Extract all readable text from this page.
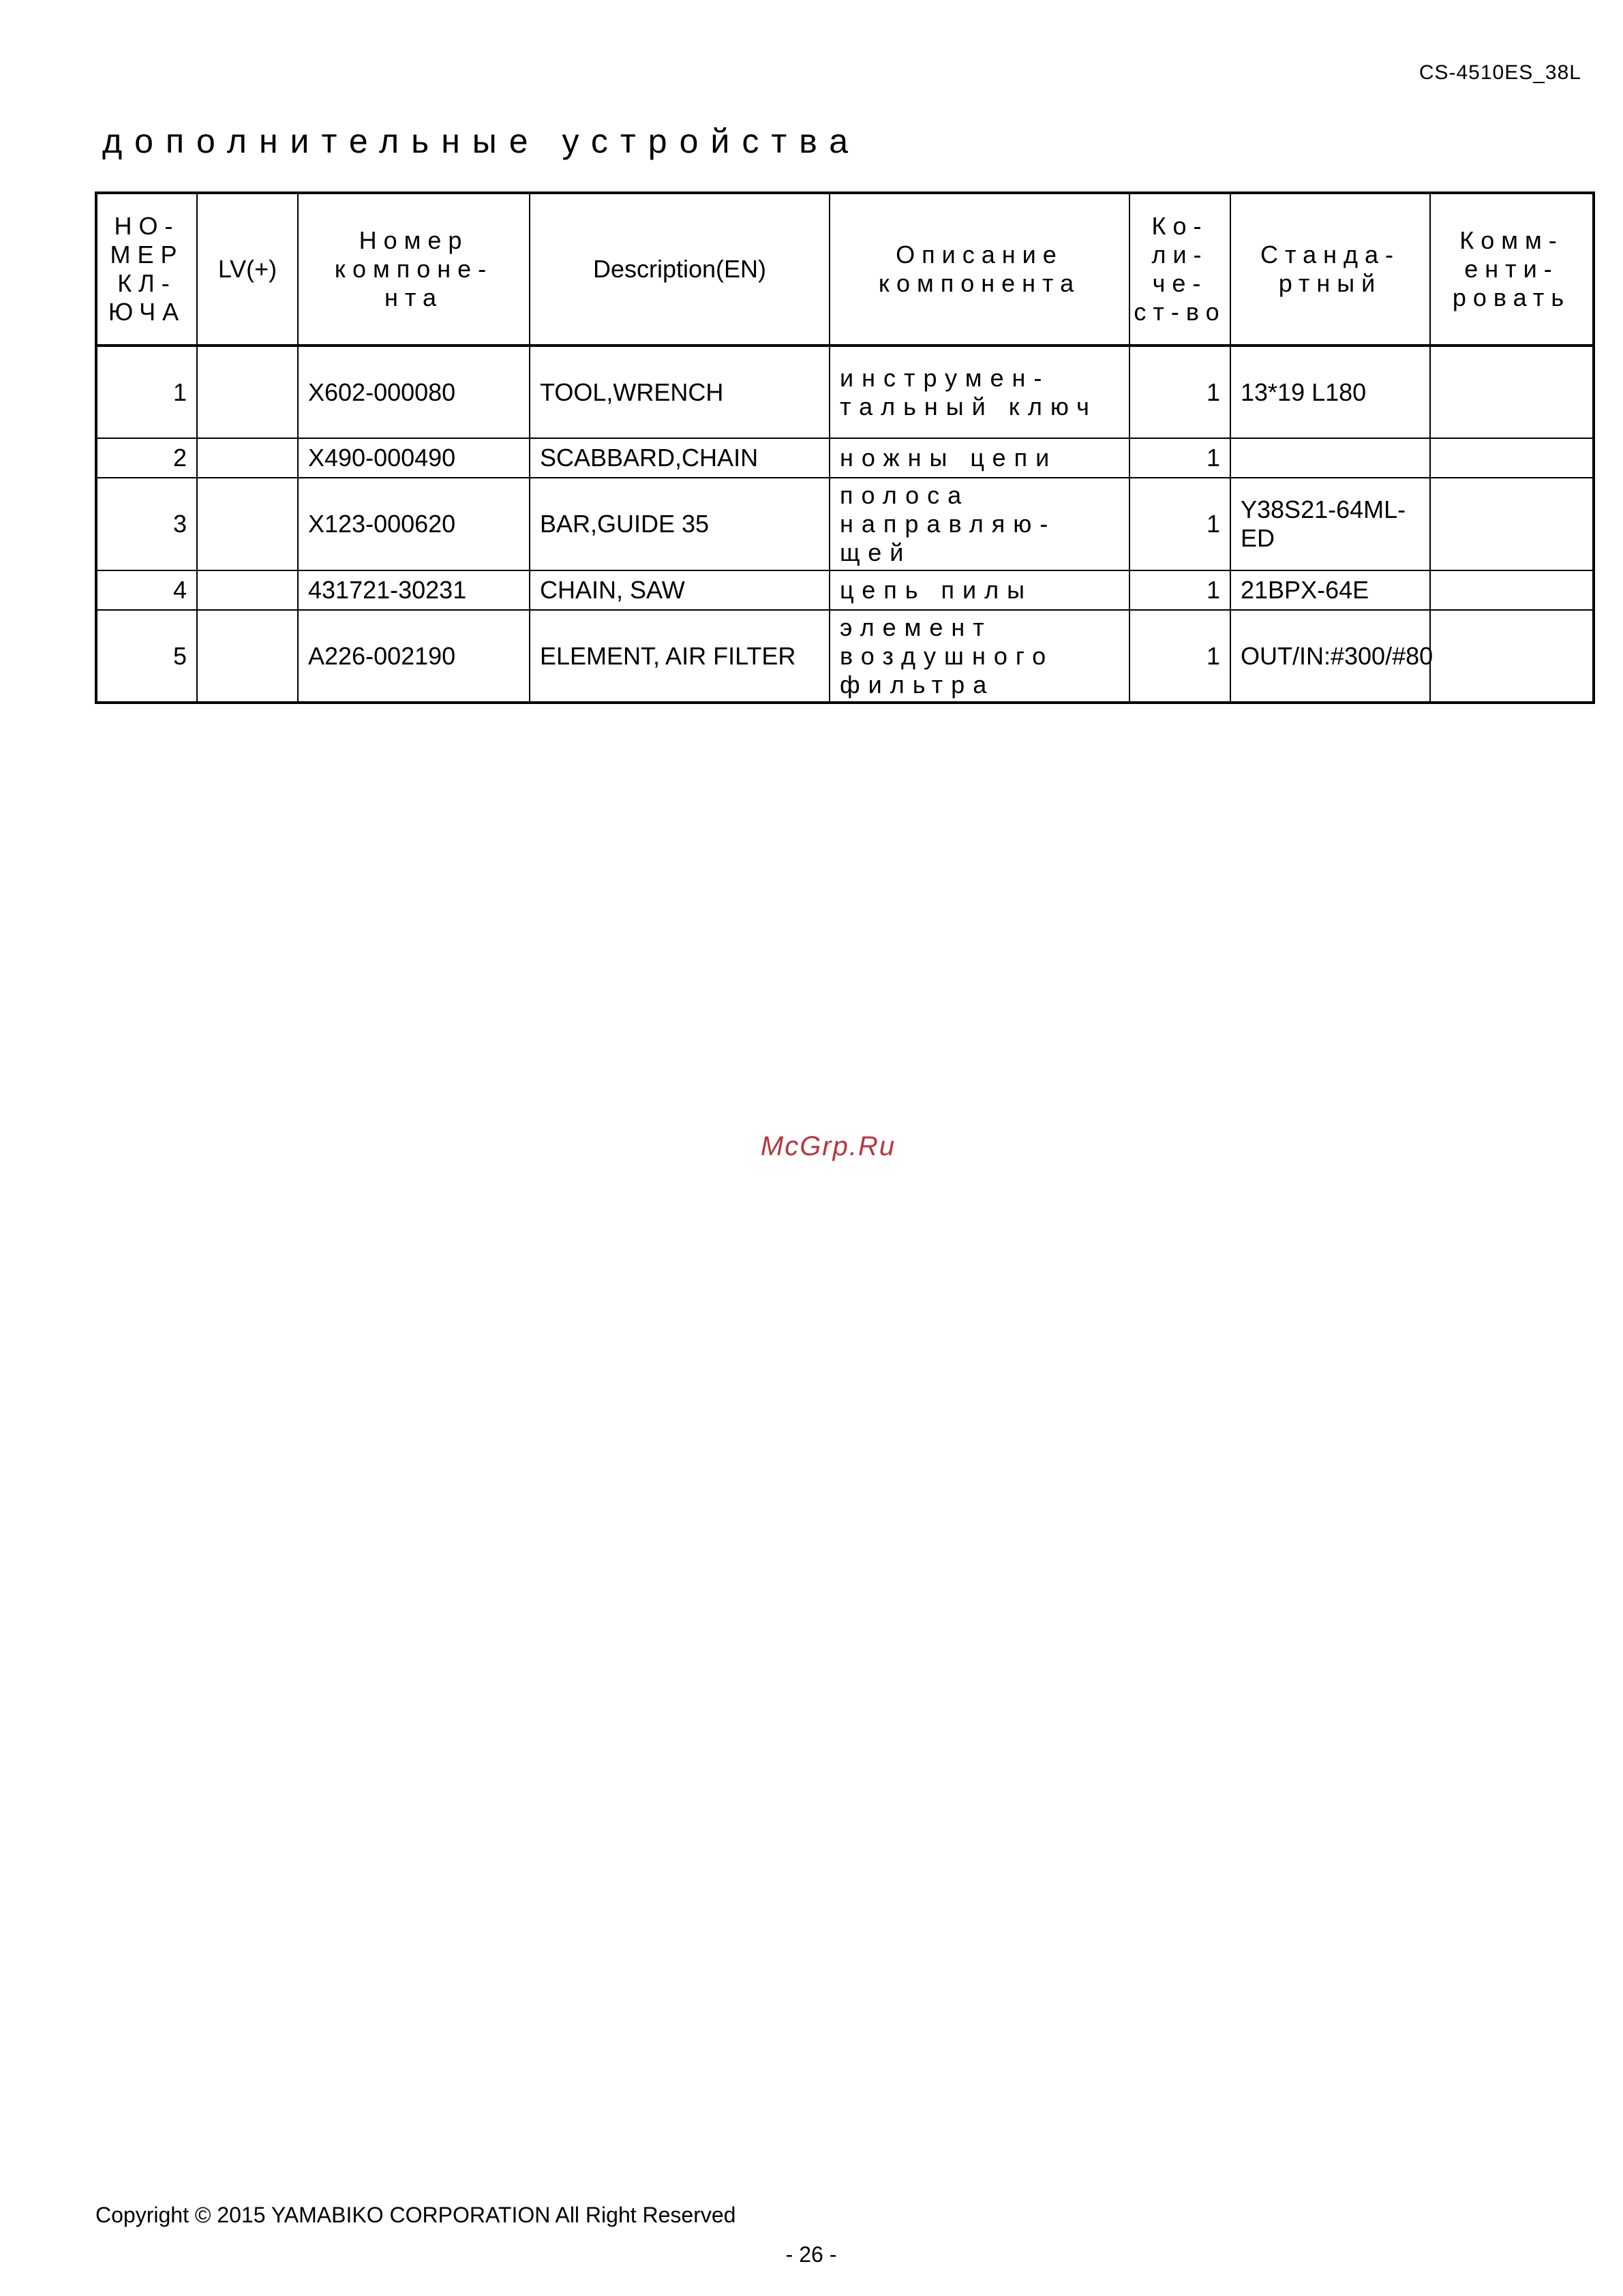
CS-4510ES_38L
дополнительные устройства
НО-МЕР КЛ-ЮЧА	LV(+)	Номер компоне-нта	Description(EN)	Описание компонента	Ко-ли-че-ст-во	Стандa-ртный	Комм-енти-ровать
1		X602-000080	TOOL,WRENCH	инструмен-тальный ключ	1	13*19 L180	
2		X490-000490	SCABBARD,CHAIN	ножны цепи	1		
3		X123-000620	BAR,GUIDE 35	полоса направляю-щей	1	Y38S21-64ML-ED	
4		431721-30231	CHAIN, SAW	цепь пилы	1	21BPX-64E	
5		A226-002190	ELEMENT, AIR FILTER	элемент воздушного фильтра	1	OUT/IN:#300/#80	
McGrp.Ru
Copyright © 2015 YAMABIKO CORPORATION All Right Reserved
- 26 -
